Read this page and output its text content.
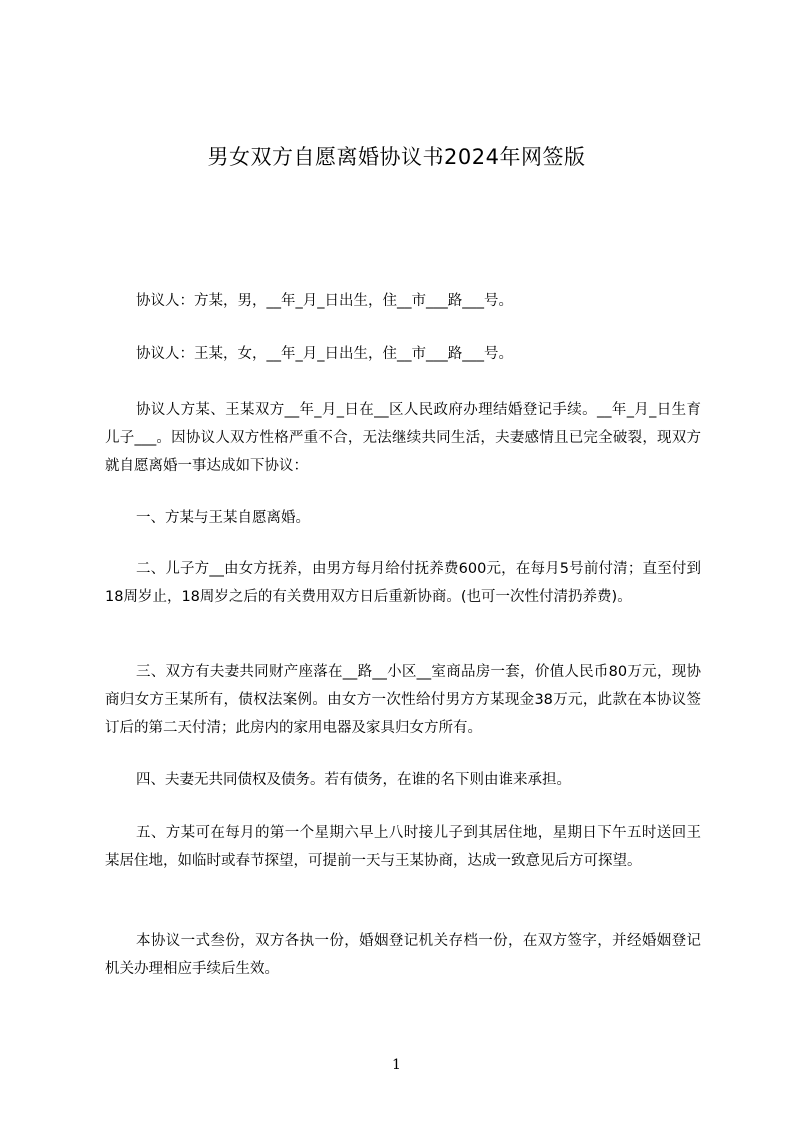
男女双方自愿离婚协议书2024年网签版

协议人：方某，男，__年_月_日出生，住__市___路___号。

协议人：王某，女，__年_月_日出生，住__市___路___号。

协议人方某、王某双方__年_月_日在__区人民政府办理结婚登记手续。__年_月_日生育儿子___。因协议人双方性格严重不合，无法继续共同生活，夫妻感情且已完全破裂，现双方就自愿离婚一事达成如下协议：

一、方某与王某自愿离婚。

二、儿子方__由女方抚养，由男方每月给付抚养费600元，在每月5号前付清；直至付到18周岁止，18周岁之后的有关费用双方日后重新协商。(也可一次性付清扔养费)。

三、双方有夫妻共同财产座落在__路__小区__室商品房一套，价值人民币80万元，现协商归女方王某所有，债权法案例。由女方一次性给付男方方某现金38万元，此款在本协议签订后的第二天付清；此房内的家用电器及家具归女方所有。

四、夫妻无共同债权及债务。若有债务，在谁的名下则由谁来承担。

五、方某可在每月的第一个星期六早上八时接儿子到其居住地，星期日下午五时送回王某居住地，如临时或春节探望，可提前一天与王某协商，达成一致意见后方可探望。

本协议一式叁份，双方各执一份，婚姻登记机关存档一份，在双方签字，并经婚姻登记机关办理相应手续后生效。

1
